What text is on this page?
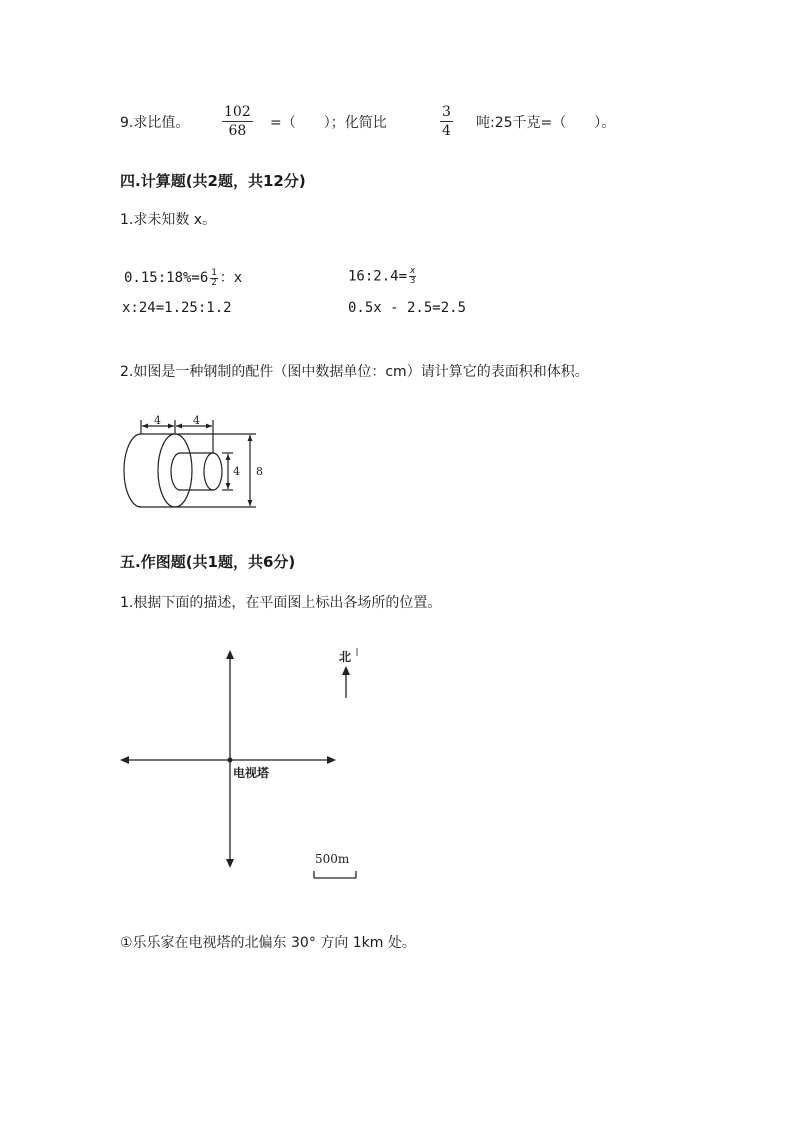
9.求比值。 $\frac{102}{68}$ =（　　）；化简比	$\frac{3}{4}$ 吨:25千克=（　　）。
四.计算题(共2题，共12分)
1.求未知数 x。
0.15:18%=6 $\frac{1}{2}$ ：x	16:2.4= $\frac{x}{3}$
x:24=1.25:1.2	0.5x - 2.5=2.5
2.如图是一种钢制的配件（图中数据单位：cm）请计算它的表面积和体积。
4	4
4 8
北
电视塔
500m
五.作图题(共1题，共6分)
1.根据下面的描述，在平面图上标出各场所的位置。
①乐乐家在电视塔的北偏东 30° 方向 1km 处。
